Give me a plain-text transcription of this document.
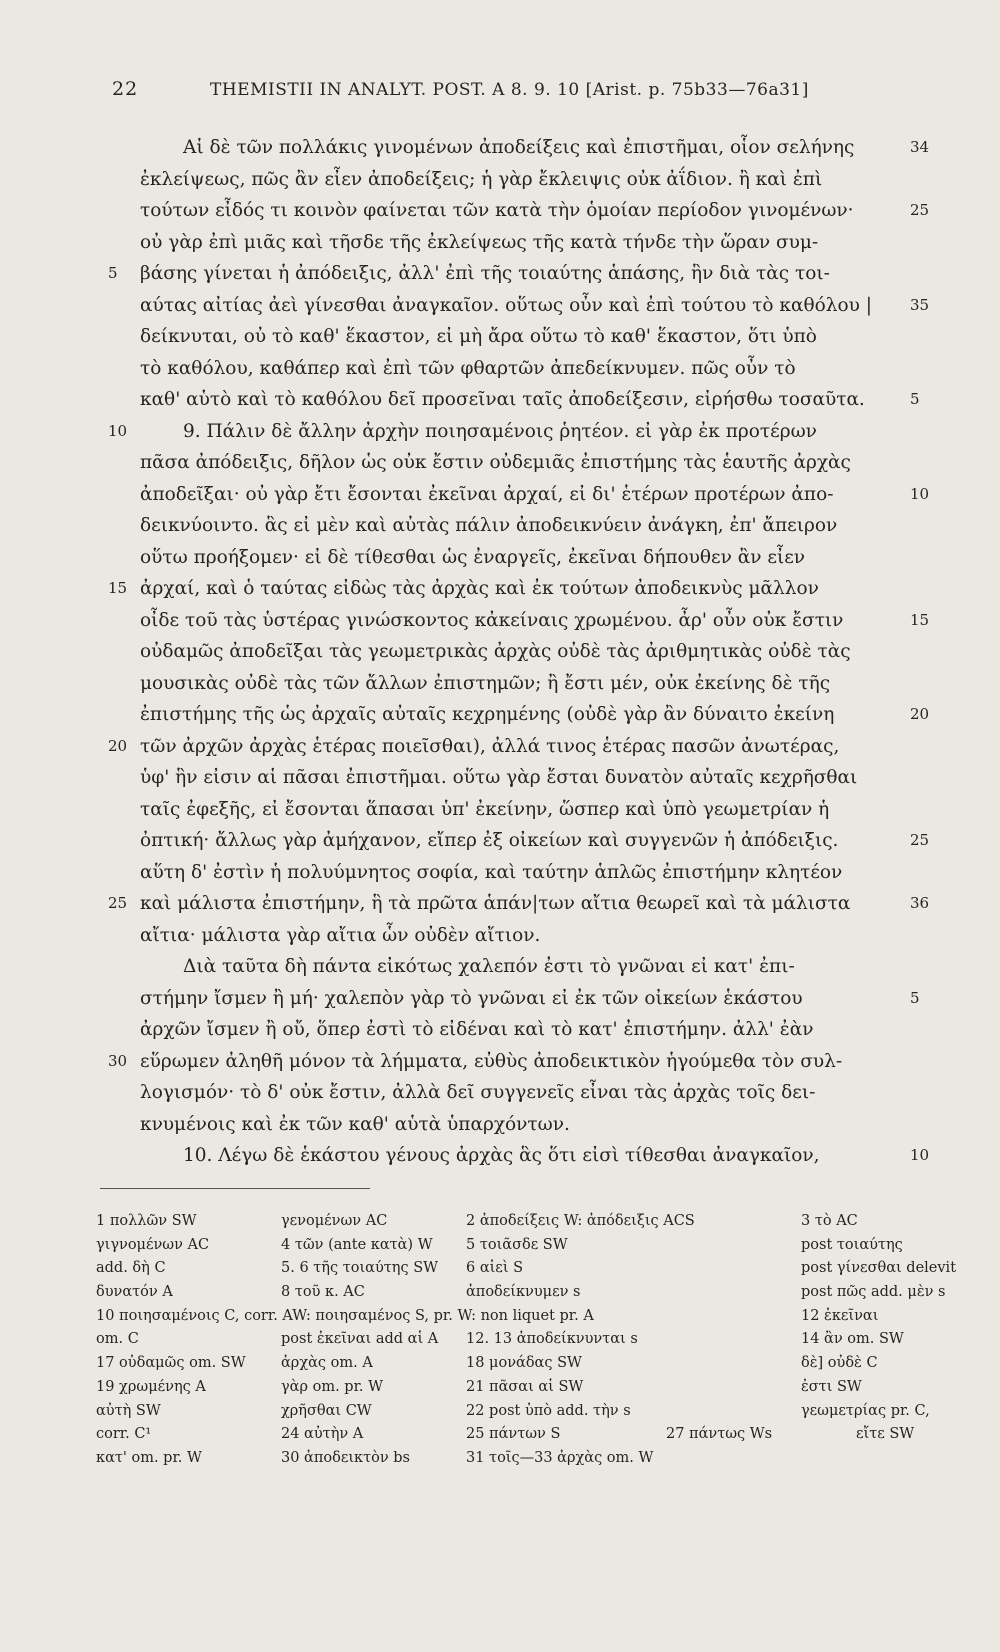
22	THEMISTII IN ANALYT. POST. A 8. 9. 10 [Arist. p. 75b33—76a31]
Αἱ δὲ τῶν πολλάκις γινομένων ἀποδείξεις καὶ ἐπιστῆμαι, οἷον σελήνης	34
ἐκλείψεως, πῶς ἂν εἶεν ἀποδείξεις; ἡ γὰρ ἔκλειψις οὐκ ἀΐδιον. ἢ καὶ ἐπὶ
τούτων εἶδός τι κοινὸν φαίνεται τῶν κατὰ τὴν ὁμοίαν περίοδον γινομένων·	25
οὐ γὰρ ἐπὶ μιᾶς καὶ τῆσδε τῆς ἐκλείψεως τῆς κατὰ τήνδε τὴν ὥραν συμ-
βάσης γίνεται ἡ ἀπόδειξις, ἀλλ' ἐπὶ τῆς τοιαύτης ἁπάσης, ἣν διὰ τὰς τοι-
5
αύτας αἰτίας ἀεὶ γίνεσθαι ἀναγκαῖον. οὕτως οὖν καὶ ἐπὶ τούτου τὸ καθόλου |	35
δείκνυται, οὐ τὸ καθ' ἕκαστον, εἰ μὴ ἄρα οὕτω τὸ καθ' ἕκαστον, ὅτι ὑπὸ
τὸ καθόλου, καθάπερ καὶ ἐπὶ τῶν φθαρτῶν ἀπεδείκνυμεν. πῶς οὖν τὸ
καθ' αὑτὸ καὶ τὸ καθόλου δεῖ προσεῖναι ταῖς ἀποδείξεσιν, εἰρήσθω τοσαῦτα.	5
9. Πάλιν δὲ ἄλλην ἀρχὴν ποιησαμένοις ῥητέον. εἰ γὰρ ἐκ προτέρων
10
πᾶσα ἀπόδειξις, δῆλον ὡς οὐκ ἔστιν οὐδεμιᾶς ἐπιστήμης τὰς ἑαυτῆς ἀρχὰς
ἀποδεῖξαι· οὐ γὰρ ἔτι ἔσονται ἐκεῖναι ἀρχαί, εἰ δι' ἑτέρων προτέρων ἀπο-	10
δεικνύοιντο. ἃς εἰ μὲν καὶ αὐτὰς πάλιν ἀποδεικνύειν ἀνάγκη, ἐπ' ἄπειρον
οὕτω προήξομεν· εἰ δὲ τίθεσθαι ὡς ἐναργεῖς, ἐκεῖναι δήπουθεν ἂν εἶεν
ἀρχαί, καὶ ὁ ταύτας εἰδὼς τὰς ἀρχὰς καὶ ἐκ τούτων ἀποδεικνὺς μᾶλλον
15
οἶδε τοῦ τὰς ὑστέρας γινώσκοντος κἀκείναις χρωμένου. ἆρ' οὖν οὐκ ἔστιν	15
οὐδαμῶς ἀποδεῖξαι τὰς γεωμετρικὰς ἀρχὰς οὐδὲ τὰς ἀριθμητικὰς οὐδὲ τὰς
μουσικὰς οὐδὲ τὰς τῶν ἄλλων ἐπιστημῶν; ἢ ἔστι μέν, οὐκ ἐκείνης δὲ τῆς
ἐπιστήμης τῆς ὡς ἀρχαῖς αὐταῖς κεχρημένης (οὐδὲ γὰρ ἂν δύναιτο ἐκείνη	20
τῶν ἀρχῶν ἀρχὰς ἑτέρας ποιεῖσθαι), ἀλλά τινος ἑτέρας πασῶν ἀνωτέρας,
20
ὑφ' ἣν εἰσιν αἱ πᾶσαι ἐπιστῆμαι. οὕτω γὰρ ἔσται δυνατὸν αὐταῖς κεχρῆσθαι
ταῖς ἐφεξῆς, εἰ ἔσονται ἅπασαι ὑπ' ἐκείνην, ὥσπερ καὶ ὑπὸ γεωμετρίαν ἡ
ὀπτική· ἄλλως γὰρ ἀμήχανον, εἴπερ ἐξ οἰκείων καὶ συγγενῶν ἡ ἀπόδειξις.	25
αὕτη δ' ἐστὶν ἡ πολυύμνητος σοφία, καὶ ταύτην ἁπλῶς ἐπιστήμην κλητέον
καὶ μάλιστα ἐπιστήμην, ἣ τὰ πρῶτα ἁπάν|των αἴτια θεωρεῖ καὶ τὰ μάλιστα
25	36
αἴτια· μάλιστα γὰρ αἴτια ὧν οὐδὲν αἴτιον.
Διὰ ταῦτα δὴ πάντα εἰκότως χαλεπόν ἐστι τὸ γνῶναι εἰ κατ' ἐπι-
στήμην ἴσμεν ἢ μή· χαλεπὸν γὰρ τὸ γνῶναι εἰ ἐκ τῶν οἰκείων ἑκάστου	5
ἀρχῶν ἴσμεν ἢ οὔ, ὅπερ ἐστὶ τὸ εἰδέναι καὶ τὸ κατ' ἐπιστήμην. ἀλλ' ἐὰν
εὕρωμεν ἀληθῆ μόνον τὰ λήμματα, εὐθὺς ἀποδεικτικὸν ἡγούμεθα τὸν συλ-
30
λογισμόν· τὸ δ' οὐκ ἔστιν, ἀλλὰ δεῖ συγγενεῖς εἶναι τὰς ἀρχὰς τοῖς δει-
κνυμένοις καὶ ἐκ τῶν καθ' αὑτὰ ὑπαρχόντων.
10. Λέγω δὲ ἑκάστου γένους ἀρχὰς ἃς ὅτι εἰσὶ τίθεσθαι ἀναγκαῖον,	10
1 πολλῶν SW	γενομένων AC	2 ἀποδείξεις W: ἀπόδειξις ACS	3 τὸ AC
γιγνομένων AC	4 τῶν (ante κατὰ) W 5 τοιᾶσδε SW	post τοιαύτης
add. δὴ C	5. 6 τῆς τοιαύτης SW 6 αἰεὶ S	post γίνεσθαι delevit
δυνατόν A	8 τοῦ κ. AC	ἀποδείκνυμεν s	post πῶς add. μὲν s
10 ποιησαμένοις C, corr. AW: ποιησαμένος S, pr. W: non liquet pr. A	12 ἐκεῖναι
om. C	post ἐκεῖναι add αἱ A 12. 13 ἀποδείκνυνται s	14 ἂν om. SW
17 οὐδαμῶς om. SW ἀρχὰς om. A	18 μονάδας SW	δὲ] οὐδὲ C
19 χρωμένης A	γὰρ om. pr. W	21 πᾶσαι αἱ SW	ἐστι SW
αὐτὴ SW	χρῆσθαι CW	22 post ὑπὸ add. τὴν s	γεωμετρίας pr. C,
corr. C¹	24 αὐτὴν A	25 πάντων S	27 πάντως Ws	εἴτε SW
κατ' om. pr. W	30 ἀποδεικτὸν bs	31 τοῖς—33 ἀρχὰς om. W
